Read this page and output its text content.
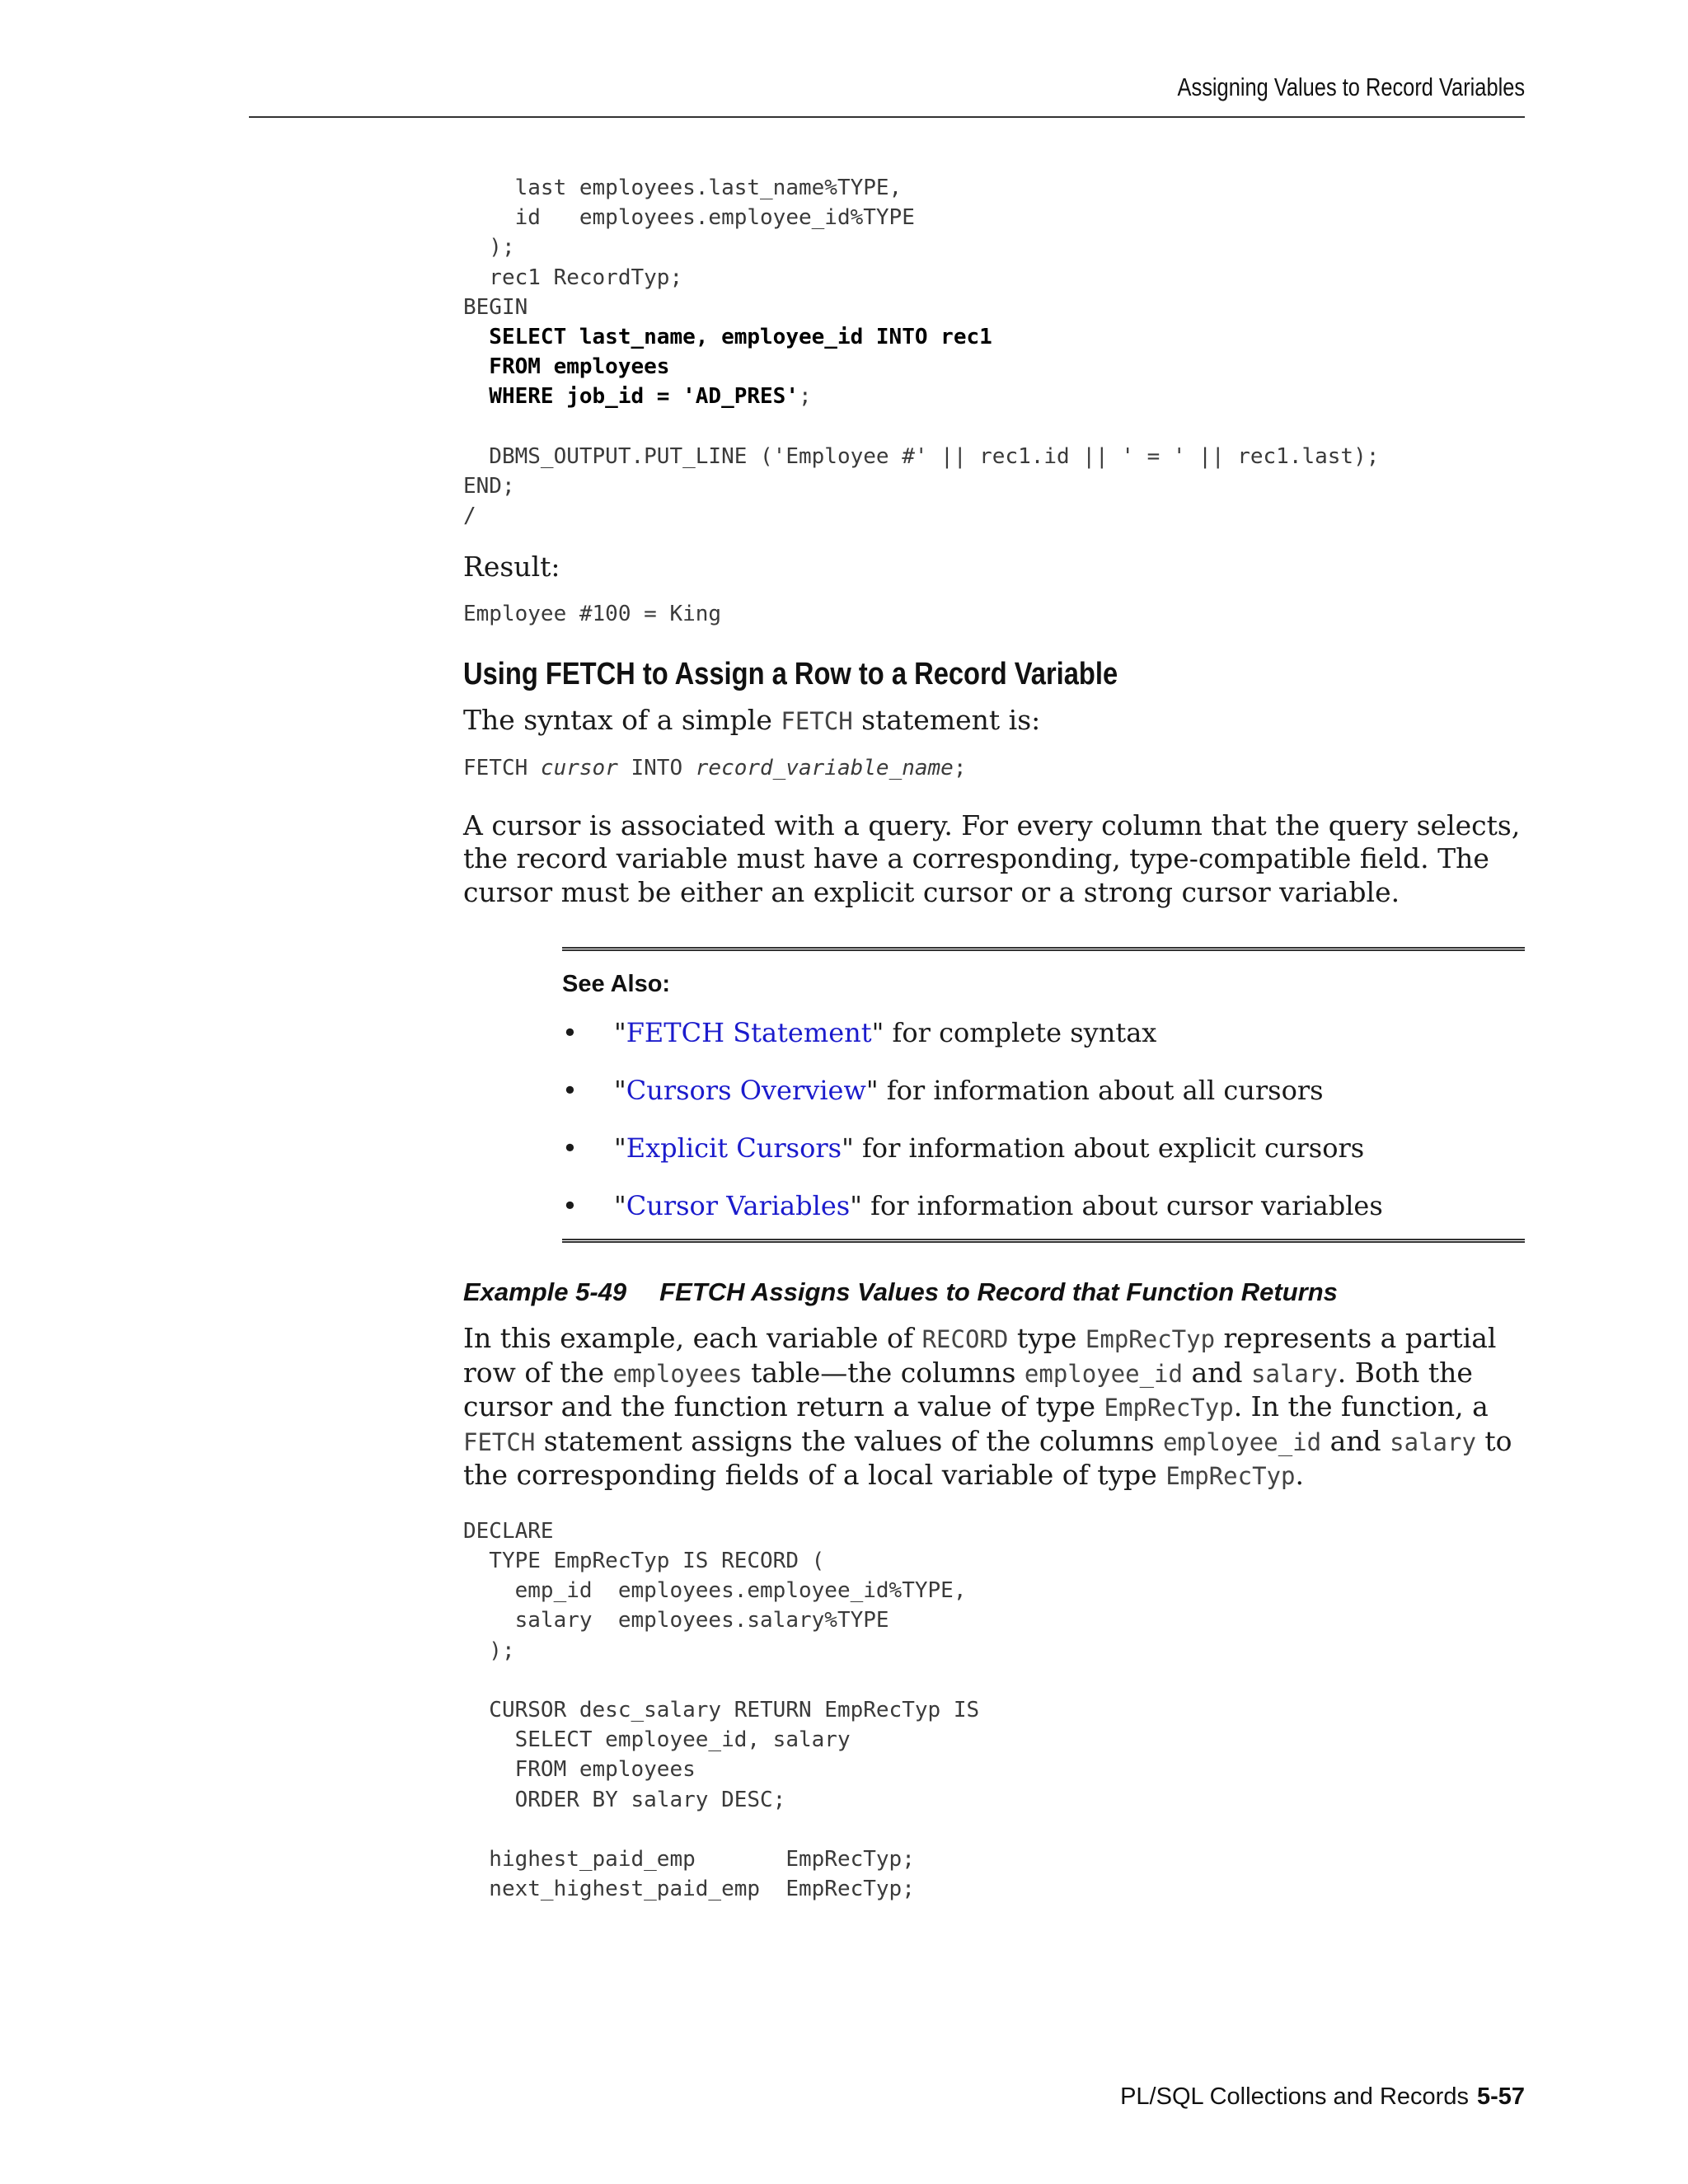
Assigning Values to Record Variables
last employees.last_name%TYPE,
id   employees.employee_id%TYPE
);
rec1 RecordTyp;
BEGIN
SELECT last_name, employee_id INTO rec1
FROM employees
WHERE job_id = 'AD_PRES';

DBMS_OUTPUT.PUT_LINE ('Employee #' || rec1.id || ' = ' || rec1.last);
END;
/

Result:

Employee #100 = King
Using FETCH to Assign a Row to a Record Variable

The syntax of a simple FETCH statement is:

FETCH cursor INTO record_variable_name;

A cursor is associated with a query. For every column that the query selects, the record variable must have a corresponding, type-compatible field. The cursor must be either an explicit cursor or a strong cursor variable.

See Also:
• "FETCH Statement" for complete syntax
• "Cursors Overview" for information about all cursors
• "Explicit Cursors" for information about explicit cursors
• "Cursor Variables" for information about cursor variables

Example 5-49 FETCH Assigns Values to Record that Function Returns

In this example, each variable of RECORD type EmpRecTyp represents a partial row of the employees table—the columns employee_id and salary. Both the cursor and the function return a value of type EmpRecTyp. In the function, a FETCH statement assigns the values of the columns employee_id and salary to the corresponding fields of a local variable of type EmpRecTyp.

DECLARE
TYPE EmpRecTyp IS RECORD (
emp_id  employees.employee_id%TYPE,
salary  employees.salary%TYPE
);

CURSOR desc_salary RETURN EmpRecTyp IS
SELECT employee_id, salary
FROM employees
ORDER BY salary DESC;

highest_paid_emp       EmpRecTyp;
next_highest_paid_emp  EmpRecTyp;
PL/SQL Collections and Records 5-57
